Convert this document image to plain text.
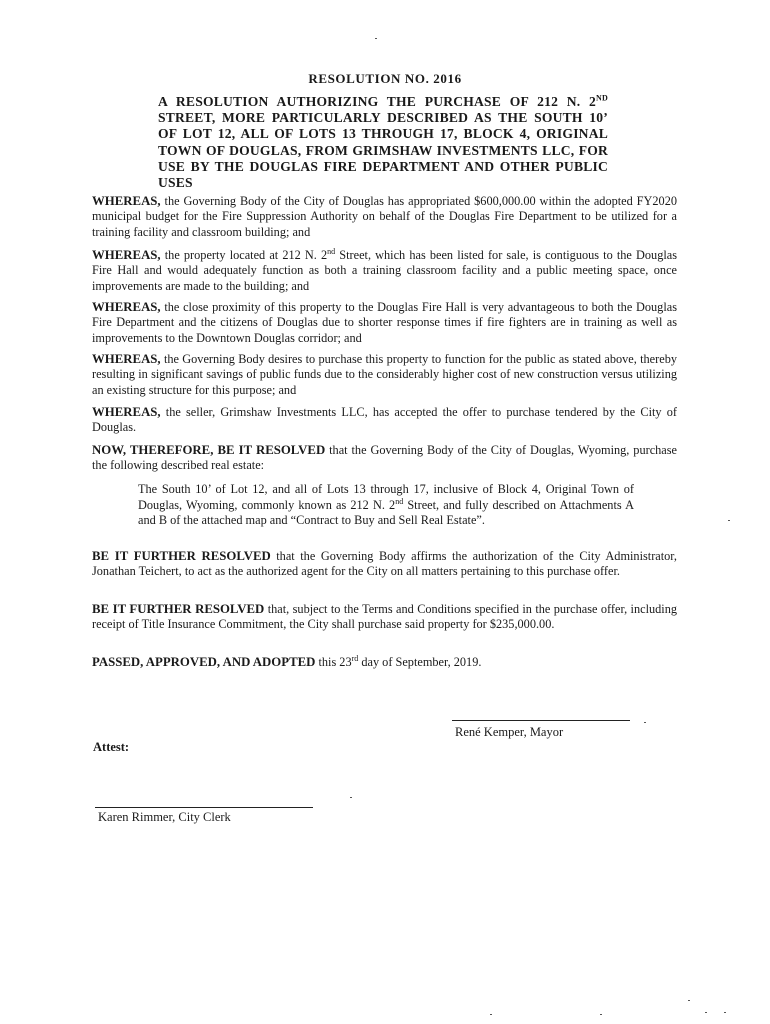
RESOLUTION NO. 2016
A RESOLUTION AUTHORIZING THE PURCHASE OF 212 N. 2ND STREET, MORE PARTICULARLY DESCRIBED AS THE SOUTH 10’ OF LOT 12, ALL OF LOTS 13 THROUGH 17, BLOCK 4, ORIGINAL TOWN OF DOUGLAS, FROM GRIMSHAW INVESTMENTS LLC, FOR USE BY THE DOUGLAS FIRE DEPARTMENT AND OTHER PUBLIC USES
WHEREAS, the Governing Body of the City of Douglas has appropriated $600,000.00 within the adopted FY2020 municipal budget for the Fire Suppression Authority on behalf of the Douglas Fire Department to be utilized for a training facility and classroom building; and
WHEREAS, the property located at 212 N. 2nd Street, which has been listed for sale, is contiguous to the Douglas Fire Hall and would adequately function as both a training classroom facility and a public meeting space, once improvements are made to the building; and
WHEREAS, the close proximity of this property to the Douglas Fire Hall is very advantageous to both the Douglas Fire Department and the citizens of Douglas due to shorter response times if fire fighters are in training as well as improvements to the Downtown Douglas corridor; and
WHEREAS, the Governing Body desires to purchase this property to function for the public as stated above, thereby resulting in significant savings of public funds due to the considerably higher cost of new construction versus utilizing an existing structure for this purpose; and
WHEREAS, the seller, Grimshaw Investments LLC, has accepted the offer to purchase tendered by the City of Douglas.
NOW, THEREFORE, BE IT RESOLVED that the Governing Body of the City of Douglas, Wyoming, purchase the following described real estate:
The South 10’ of Lot 12, and all of Lots 13 through 17, inclusive of Block 4, Original Town of Douglas, Wyoming, commonly known as 212 N. 2nd Street, and fully described on Attachments A and B of the attached map and “Contract to Buy and Sell Real Estate”.
BE IT FURTHER RESOLVED that the Governing Body affirms the authorization of the City Administrator, Jonathan Teichert, to act as the authorized agent for the City on all matters pertaining to this purchase offer.
BE IT FURTHER RESOLVED that, subject to the Terms and Conditions specified in the purchase offer, including receipt of Title Insurance Commitment, the City shall purchase said property for $235,000.00.
PASSED, APPROVED, AND ADOPTED this 23rd day of September, 2019.
René Kemper, Mayor
Attest:
Karen Rimmer, City Clerk
